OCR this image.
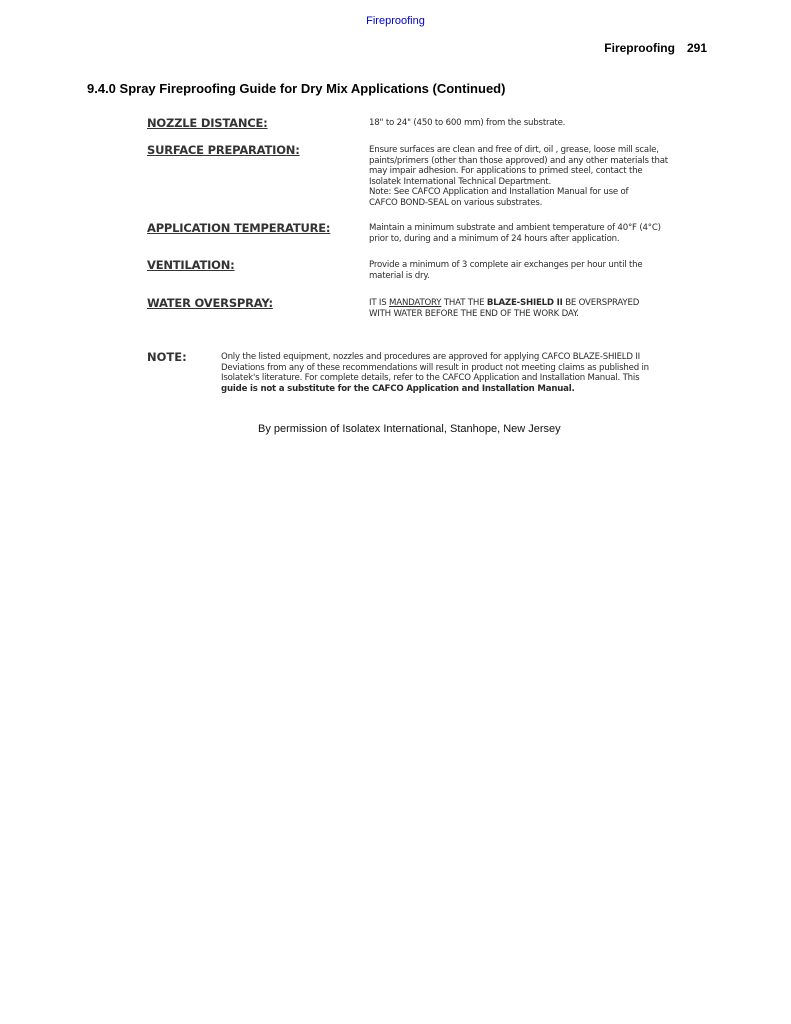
Fireproofing
Fireproofing 291
9.4.0 Spray Fireproofing Guide for Dry Mix Applications (Continued)
NOZZLE DISTANCE:	18" to 24" (450 to 600 mm) from the substrate.
SURFACE PREPARATION:	Ensure surfaces are clean and free of dirt, oil , grease, loose mill scale,
paints/primers (other than those approved) and any other materials that
may impair adhesion. For applications to primed steel, contact the
Isolatek International Technical Department.
Note: See CAFCO Application and Installation Manual for use of
CAFCO BOND-SEAL on various substrates.
APPLICATION TEMPERATURE:	Maintain a minimum substrate and ambient temperature of 40°F (4°C)
prior to, during and a minimum of 24 hours after application.
VENTILATION:	Provide a minimum of 3 complete air exchanges per hour until the
material is dry.
WATER OVERSPRAY:	IT IS MANDATORY THAT THE BLAZE-SHIELD II BE OVERSPRAYED
WITH WATER BEFORE THE END OF THE WORK DAY.
NOTE:	Only the listed equipment, nozzles and procedures are approved for applying CAFCO BLAZE-SHIELD II
Deviations from any of these recommendations will result in product not meeting claims as published in
Isolatek's literature. For complete details, refer to the CAFCO Application and Installation Manual. This
guide is not a substitute for the CAFCO Application and Installation Manual.
By permission of Isolatex International, Stanhope, New Jersey
